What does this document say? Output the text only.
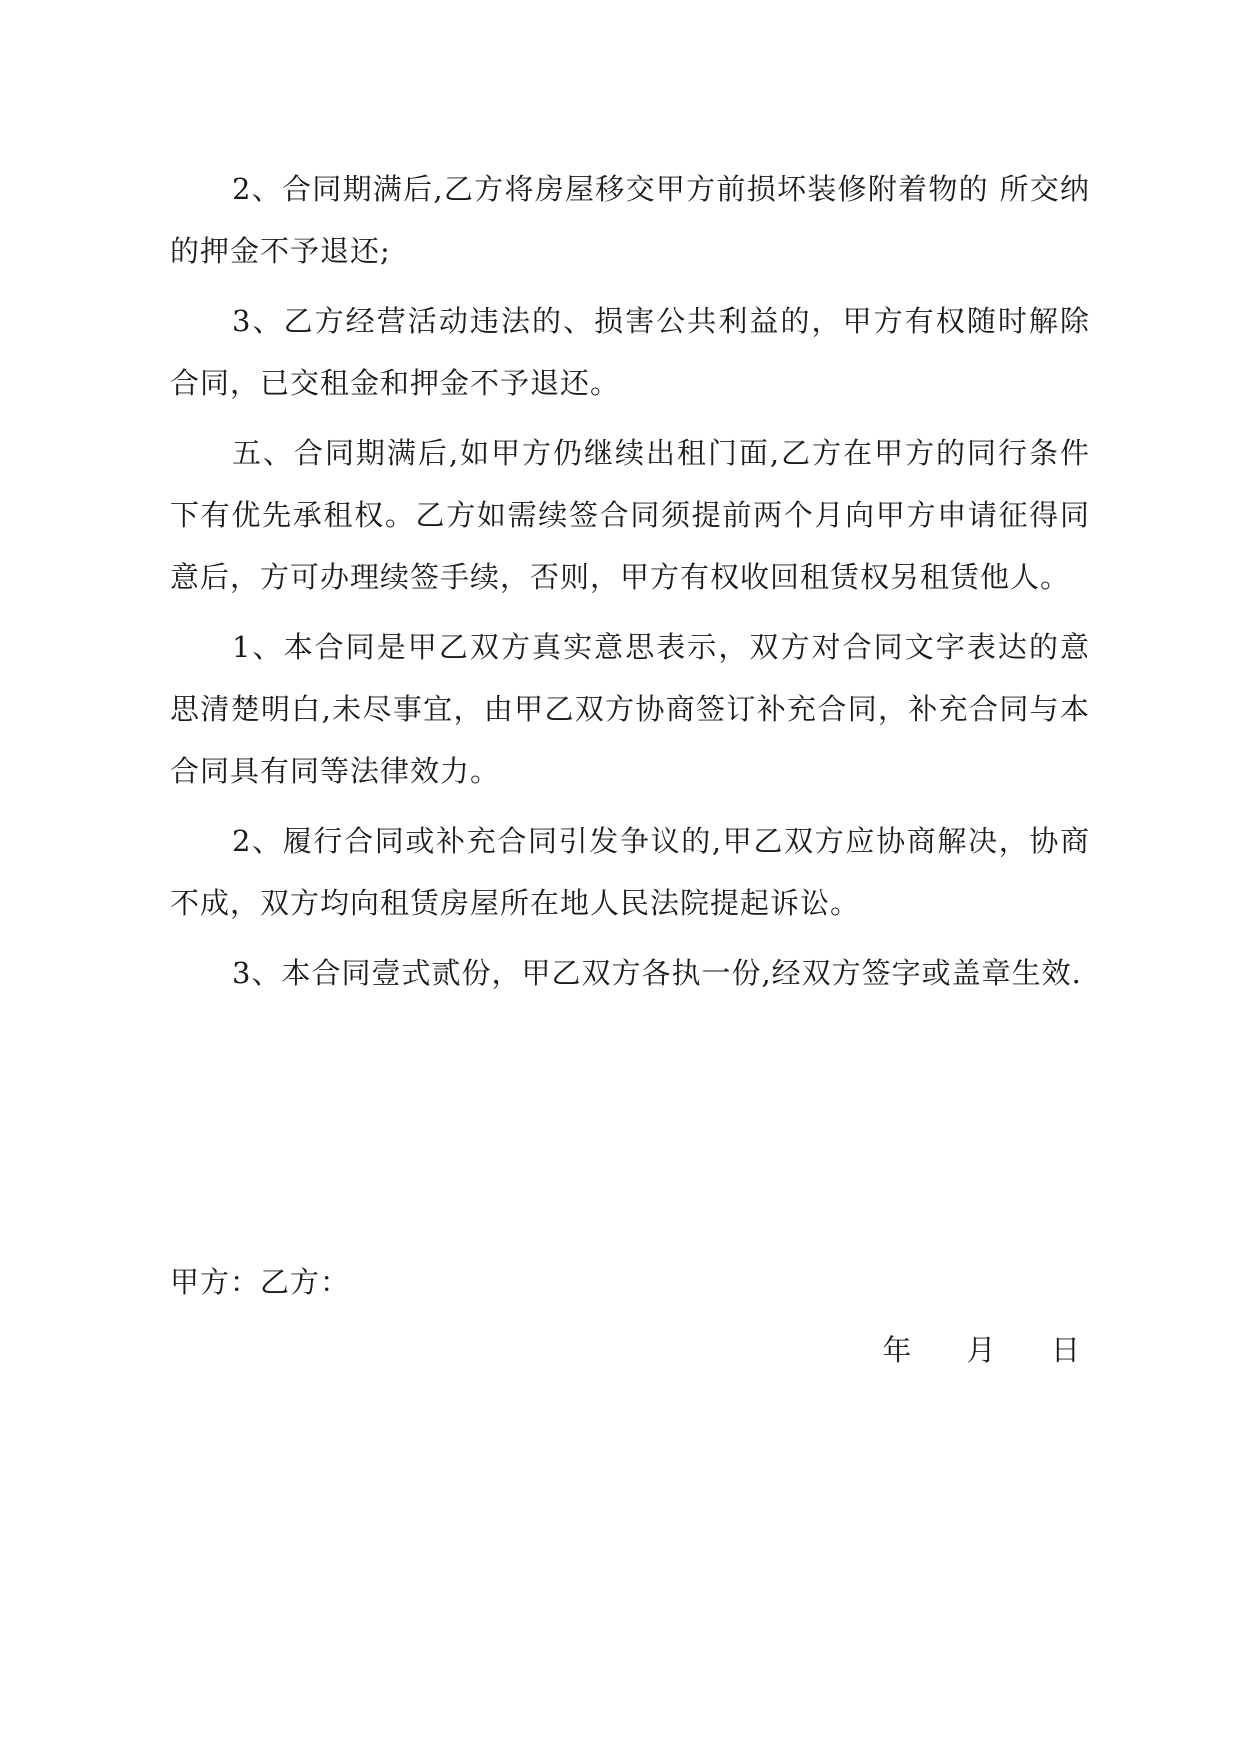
2、合同期满后,乙方将房屋移交甲方前损坏装修附着物的 所交纳的押金不予退还;

3、乙方经营活动违法的、损害公共利益的，甲方有权随时解除合同，已交租金和押金不予退还。

五、合同期满后,如甲方仍继续出租门面,乙方在甲方的同行条件下有优先承租权。乙方如需续签合同须提前两个月向甲方申请征得同意后，方可办理续签手续，否则，甲方有权收回租赁权另租赁他人。

1、本合同是甲乙双方真实意思表示，双方对合同文字表达的意思清楚明白,未尽事宜，由甲乙双方协商签订补充合同，补充合同与本合同具有同等法律效力。

2、履行合同或补充合同引发争议的,甲乙双方应协商解决，协商不成，双方均向租赁房屋所在地人民法院提起诉讼。

3、本合同壹式贰份，甲乙双方各执一份,经双方签字或盖章生效.

甲方：乙方：
年      月      日
